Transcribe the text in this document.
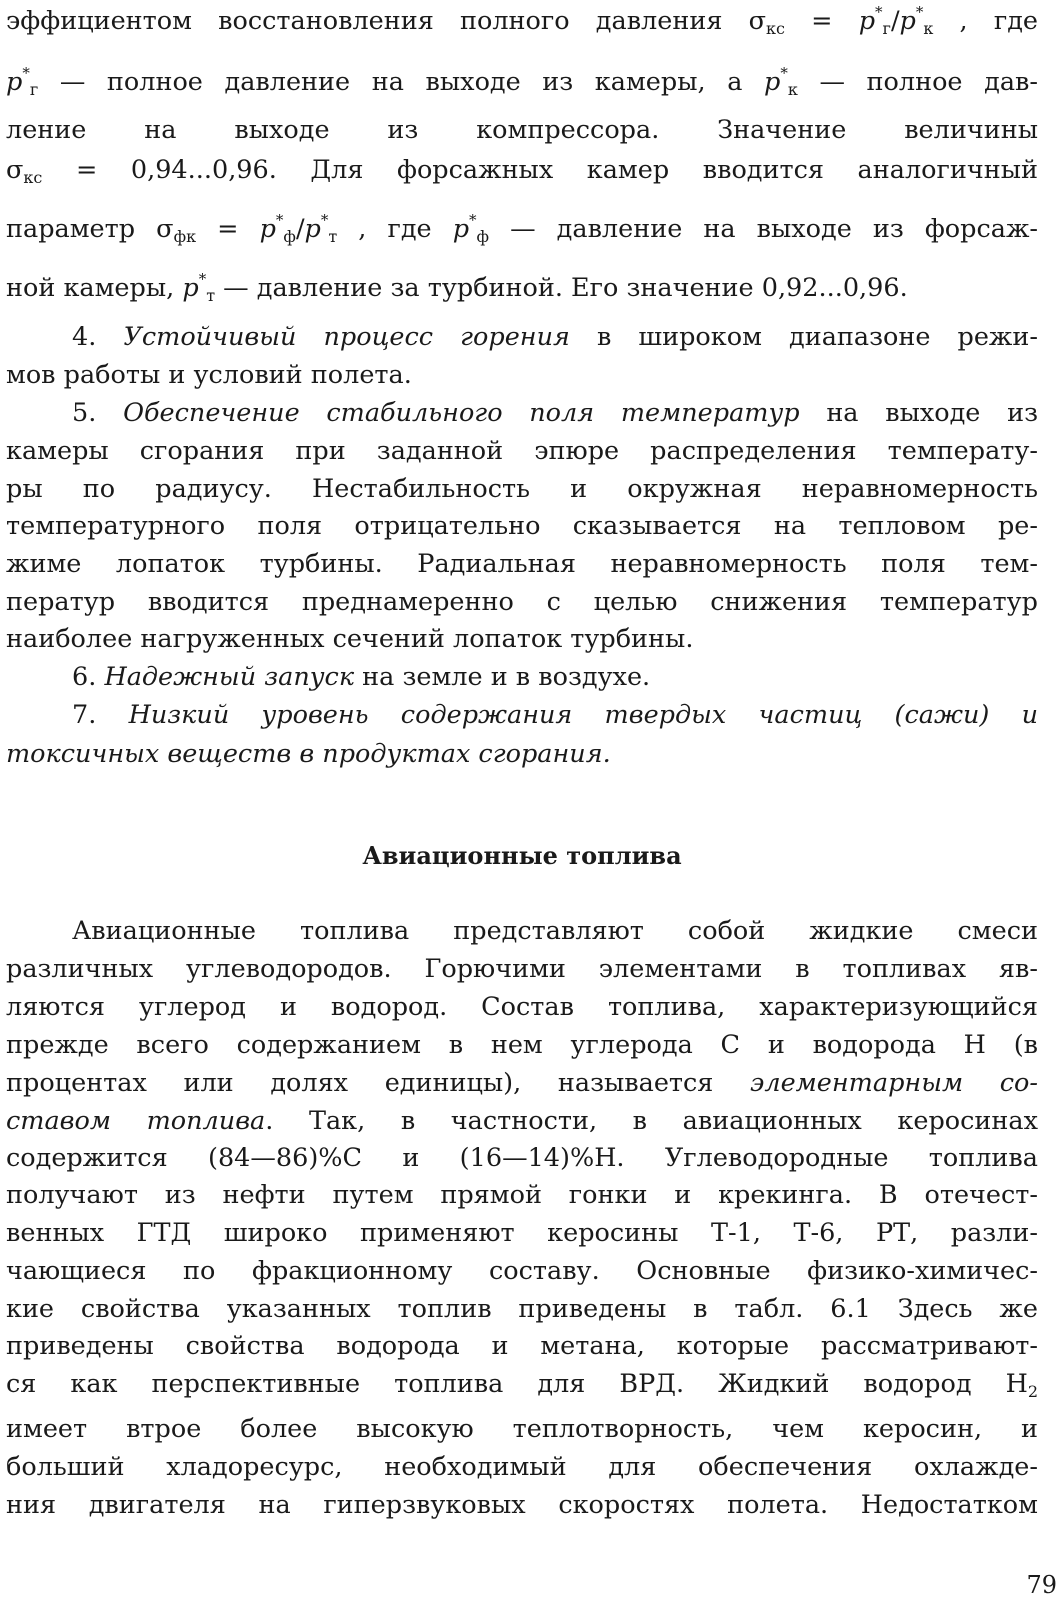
эффициентом восстановления полного давления $\sigma_{кс} = p^*_г/p^*_к$ , где
$p^*_г$ — полное давление на выходе из камеры, а $p^*_к$ — полное дав-
ление на выходе из компрессора. Значение величины
$\sigma_{кс} = 0,94...0,96$. Для форсажных камер вводится аналогичный
параметр $\sigma_{фк} = p^*_ф/p^*_т$ , где $p^*_ф$ — давление на выходе из форсаж-
ной камеры, $p^*_т$ — давление за турбиной. Его значение 0,92...0,96.
4. Устойчивый процесс горения в широком диапазоне режи-
мов работы и условий полета.
5. Обеспечение стабильного поля температур на выходе из
камеры сгорания при заданной эпюре распределения температу-
ры по радиусу. Нестабильность и окружная неравномерность
температурного поля отрицательно сказывается на тепловом ре-
жиме лопаток турбины. Радиальная неравномерность поля тем-
ператур вводится преднамеренно с целью снижения температур
наиболее нагруженных сечений лопаток турбины.
6. Надежный запуск на земле и в воздухе.
7. Низкий уровень содержания твердых частиц (сажи) и
токсичных веществ в продуктах сгорания.
Авиационные топлива
Авиационные топлива представляют собой жидкие смеси
различных углеводородов. Горючими элементами в топливах яв-
ляются углерод и водород. Состав топлива, характеризующийся
прежде всего содержанием в нем углерода С и водорода Н (в
процентах или долях единицы), называется элементарным со-
ставом топлива. Так, в частности, в авиационных керосинах
содержится (84—86)%С и (16—14)%Н. Углеводородные топлива
получают из нефти путем прямой гонки и крекинга. В отечест-
венных ГТД широко применяют керосины Т-1, Т-6, РТ, разли-
чающиеся по фракционному составу. Основные физико-химичес-
кие свойства указанных топлив приведены в табл. 6.1 Здесь же
приведены свойства водорода и метана, которые рассматривают-
ся как перспективные топлива для ВРД. Жидкий водород $Н_2$
имеет втрое более высокую теплотворность, чем керосин, и
больший хладоресурс, необходимый для обеспечения охлажде-
ния двигателя на гиперзвуковых скоростях полета. Недостатком
79
